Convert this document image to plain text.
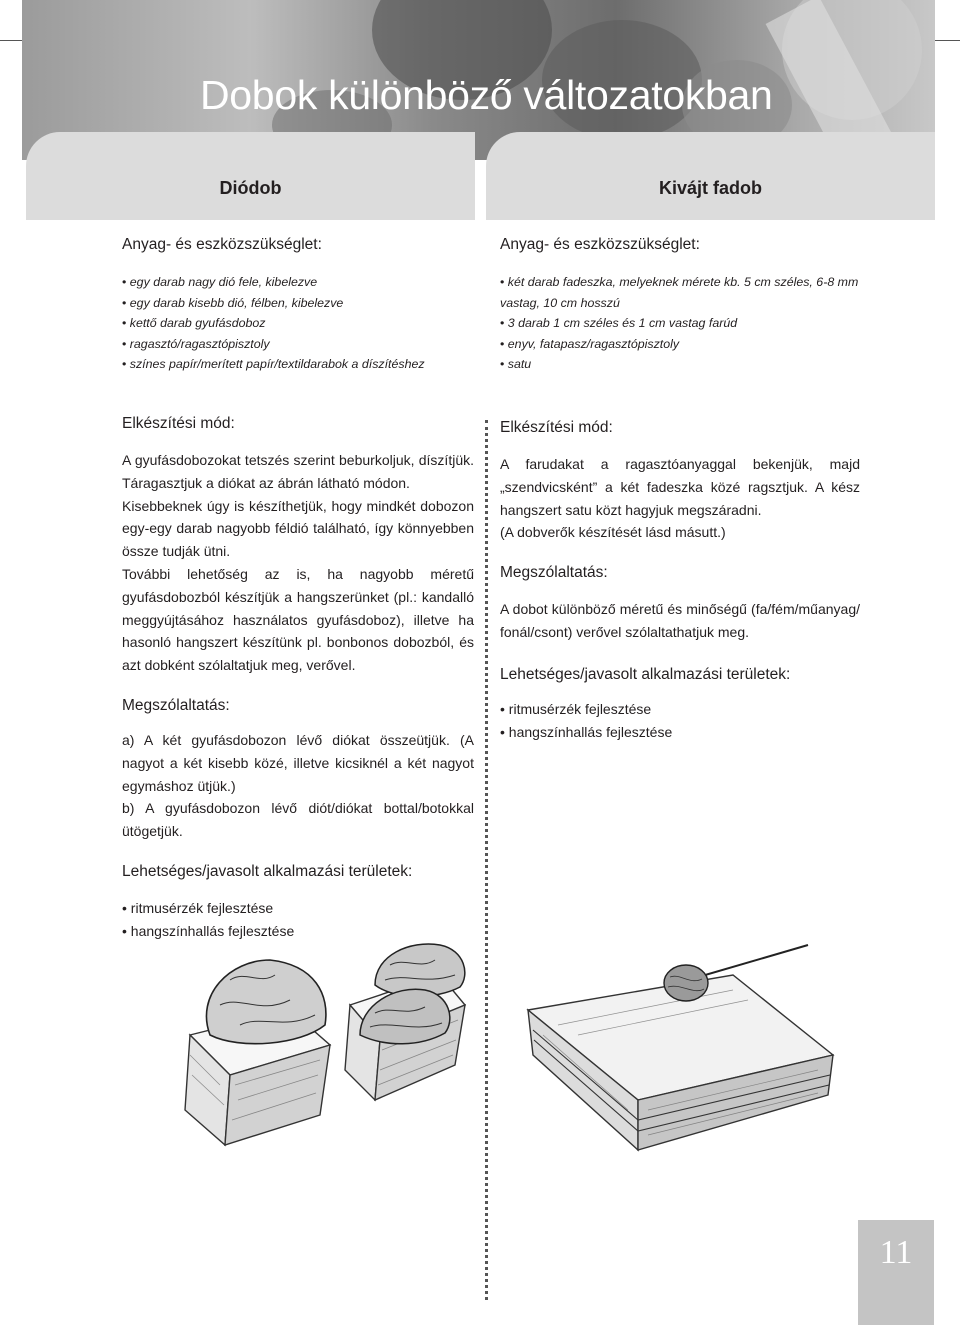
Dobok különböző változatokban
Diódob	Kivájt fadob
Anyag- és eszközszükséglet:
• egy darab nagy dió fele, kibelezve
• egy darab kisebb dió, félben, kibelezve
• kettő darab gyufásdoboz
• ragasztó/ragasztópisztoly
• színes papír/merített papír/textildarabok a díszítéshez
Elkészítési mód:

A gyufásdobozokat tetszés szerint beburkoljuk, díszítjük. Táragasztjuk a diókat az ábrán látható módon.

Kisebbeknek úgy is készíthetjük, hogy mindkét dobozon egy-egy darab nagyobb féldió található, így könnyebben össze tudják ütni.

További lehetőség az is, ha nagyobb méretű gyufásdobozból készítjük a hangszerünket (pl.: kandalló meggyújtásához használatos gyufásdoboz), illetve ha hasonló hangszert készítünk pl. bonbonos dobozból, és azt dobként szólaltatjuk meg, verővel.

Megszólaltatás:

a) A két gyufásdobozon lévő diókat összeütjük. (A nagyot a két kisebb közé, illetve kicsiknél a két nagyot egymáshoz ütjük.)

b) A gyufásdobozon lévő diót/diókat bottal/botokkal ütögetjük.

Lehetséges/javasolt alkalmazási területek:
• ritmusérzék fejlesztése
• hangszínhallás fejlesztése
Anyag- és eszközszükséglet:
• két darab fadeszka, melyeknek mérete kb. 5 cm széles, 6-8 mm vastag, 10 cm hosszú
• 3 darab 1 cm széles és 1 cm vastag farúd
• enyv, fatapasz/ragasztópisztoly
• satu
Elkészítési mód:

A farudakat a ragasztóanyaggal bekenjük, majd „szendvicsként” a két fadeszka közé ragsztjuk. A kész hangszert satu közt hagyjuk megszáradni.

(A dobverők készítését lásd másutt.)

Megszólaltatás:

A dobot különböző méretű és minőségű (fa/fém/műanyag/ fonál/csont) verővel szólaltathatjuk meg.

Lehetséges/javasolt alkalmazási területek:
• ritmusérzék fejlesztése
• hangszínhallás fejlesztése
11
